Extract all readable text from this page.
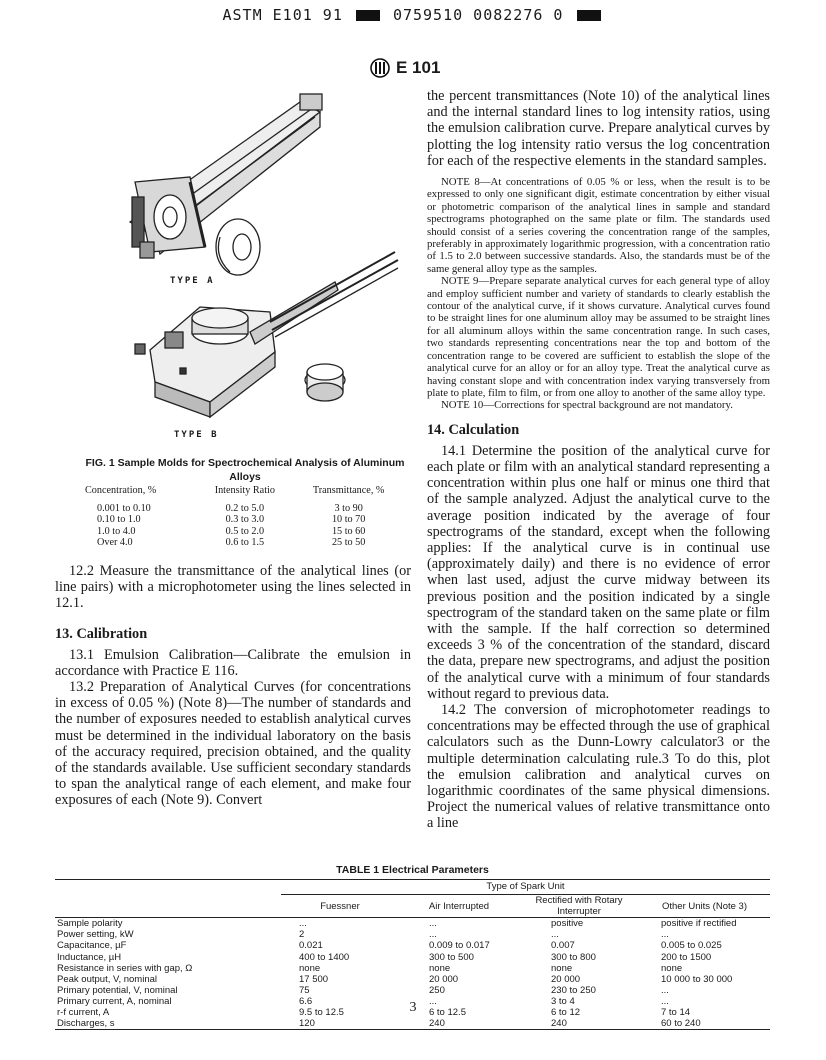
ASTM E101 91	0759510 0082276 0
E 101
TYPE A
TYPE B
FIG. 1 Sample Molds for Spectrochemical Analysis of Aluminum Alloys
Concentration, %	Intensity Ratio	Transmittance, %

0.001 to 0.10	0.2 to 5.0	3 to 90
0.10 to 1.0	0.3 to 3.0	10 to 70
1.0 to 4.0	0.5 to 2.0	15 to 60
Over 4.0	0.6 to 1.5	25 to 50

12.2 Measure the transmittance of the analytical lines (or line pairs) with a microphotometer using the lines selected in 12.1.

13. Calibration

13.1 Emulsion Calibration—Calibrate the emulsion in accordance with Practice E 116.

13.2 Preparation of Analytical Curves (for concentrations in excess of 0.05 %) (Note 8)—The number of standards and the number of exposures needed to establish analytical curves must be determined in the individual laboratory on the basis of the accuracy required, precision obtained, and the quality of the standards available. Use sufficient secondary standards to span the analytical range of each element, and make four exposures of each (Note 9). Convert

the percent transmittances (Note 10) of the analytical lines and the internal standard lines to log intensity ratios, using the emulsion calibration curve. Prepare analytical curves by plotting the log intensity ratio versus the log concentration for each of the respective elements in the standard samples.

NOTE 8—At concentrations of 0.05 % or less, when the result is to be expressed to only one significant digit, estimate concentration by either visual or photometric comparison of the analytical lines in sample and standard spectrograms photographed on the same plate or film. The standards used should consist of a series covering the concentration range of the samples, preferably in approximately logarithmic progression, with a concentration ratio of 1.5 to 2.0 between successive standards. Also, the standards must be of the same general alloy type as the samples.

NOTE 9—Prepare separate analytical curves for each general type of alloy and employ sufficient number and variety of standards to clearly establish the contour of the analytical curve, if it shows curvature. Analytical curves found to be straight lines for one aluminum alloy may be assumed to be straight lines for all aluminum alloys within the same concentration range. In such cases, two standards representing concentrations near the top and bottom of the concentration range to be covered are sufficient to establish the slope of the analytical curve for an alloy or for an alloy type. Treat the analytical curve as having constant slope and with concentration index varying transversely from plate to plate, film to film, or from one alloy to another of the same alloy type.

NOTE 10—Corrections for spectral background are not mandatory.

14. Calculation

14.1 Determine the position of the analytical curve for each plate or film with an analytical standard representing a concentration within plus one half or minus one third that of the sample analyzed. Adjust the analytical curve to the average position indicated by the average of four spectrograms of the standard, except when the following applies: If the analytical curve is in continual use (approximately daily) and there is no evidence of error when last used, adjust the curve midway between its previous position and the position indicated by a single spectrogram of the standard taken on the same plate or film with the sample. If the half correction so determined exceeds 3 % of the concentration of the standard, discard the data, prepare new spectrograms, and adjust the position of the analytical curve with a minimum of four standards without regard to previous data.

14.2 The conversion of microphotometer readings to concentrations may be effected through the use of graphical calculators such as the Dunn-Lowry calculator3 or the multiple determination calculating rule.3 To do this, plot the emulsion calibration and analytical curves on logarithmic coordinates of the same physical dimensions. Project the numerical values of relative transmittance onto a line

TABLE 1 Electrical Parameters
	Type of Spark Unit			
	Fuessner	Air Interrupted	Rectified with Rotary Interrupter	Other Units (Note 3)
Sample polarity	...	...	positive	positive if rectified
Power setting, kW	2	...	...	...
Capacitance, µF	0.021	0.009 to 0.017	0.007	0.005 to 0.025
Inductance, µH	400 to 1400	300 to 500	300 to 800	200 to 1500
Resistance in series with gap, Ω	none	none	none	none
Peak output, V, nominal	17 500	20 000	20 000	10 000 to 30 000
Primary potential, V, nominal	75	250	230 to 250	...
Primary current, A, nominal	6.6	...	3 to 4	...
r-f current, A	9.5 to 12.5	6 to 12.5	6 to 12	7 to 14
Discharges, s	120	240	240	60 to 240
3
